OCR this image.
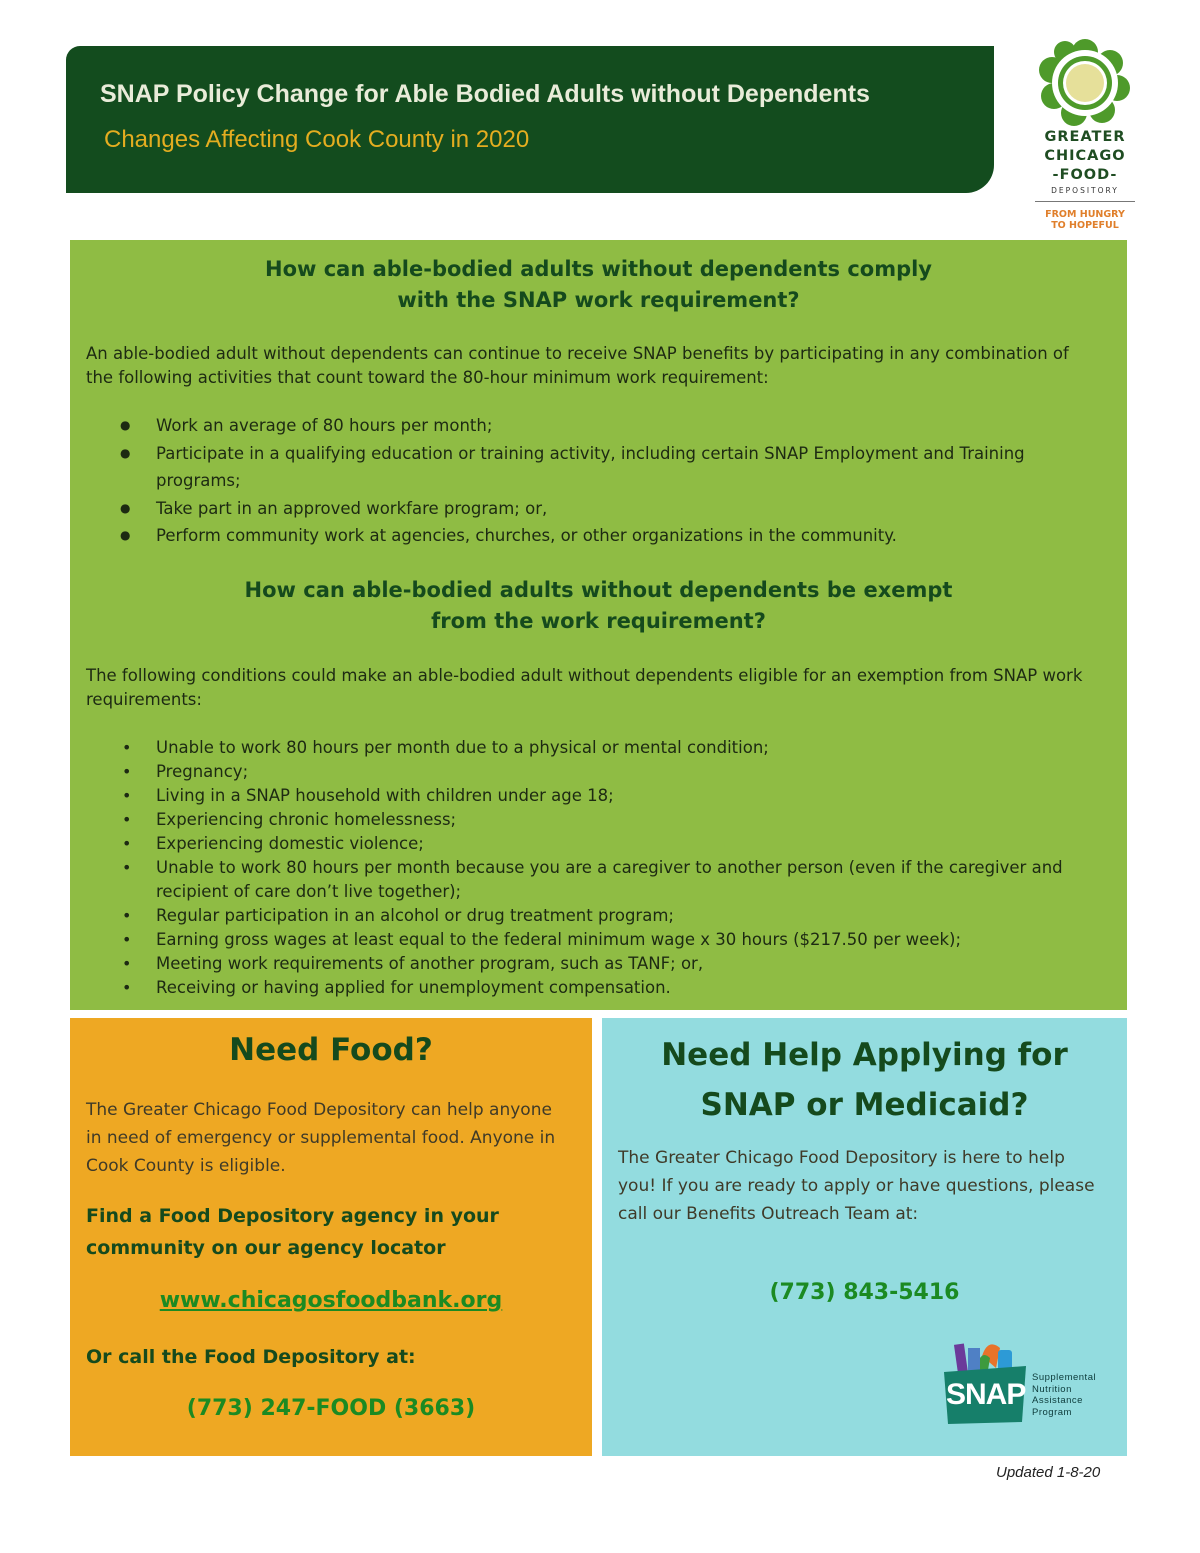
SNAP Policy Change for Able Bodied Adults without Dependents
Changes Affecting Cook County in 2020	GREATER
CHICAGO
-FOOD-
DEPOSITORY
FROM HUNGRY
TO HOPEFUL
How can able-bodied adults without dependents comply
with the SNAP work requirement?
An able-bodied adult without dependents can continue to receive SNAP benefits by participating in any combination of the following activities that count toward the 80-hour minimum work requirement:
● Work an average of 80 hours per month;
● Participate in a qualifying education or training activity, including certain SNAP Employment and Training programs;
● Take part in an approved workfare program; or,
● Perform community work at agencies, churches, or other organizations in the community.
How can able-bodied adults without dependents be exempt
from the work requirement?
The following conditions could make an able-bodied adult without dependents eligible for an exemption from SNAP work requirements:
• Unable to work 80 hours per month due to a physical or mental condition;
• Pregnancy;
• Living in a SNAP household with children under age 18;
• Experiencing chronic homelessness;
• Experiencing domestic violence;
• Unable to work 80 hours per month because you are a caregiver to another person (even if the caregiver and recipient of care don’t live together);
• Regular participation in an alcohol or drug treatment program;
• Earning gross wages at least equal to the federal minimum wage x 30 hours ($217.50 per week);
• Meeting work requirements of another program, such as TANF; or,
• Receiving or having applied for unemployment compensation.
Need Food?
The Greater Chicago Food Depository can help anyone in need of emergency or supplemental food. Anyone in Cook County is eligible.
Find a Food Depository agency in your community on our agency locator
www.chicagosfoodbank.org
Or call the Food Depository at:
(773) 247-FOOD (3663)
Need Help Applying for
SNAP or Medicaid?
The Greater Chicago Food Depository is here to help you! If you are ready to apply or have questions, please call our Benefits Outreach Team at:
(773) 843-5416
SNAP
Supplemental
Nutrition
Assistance
Program
Updated 1-8-20
